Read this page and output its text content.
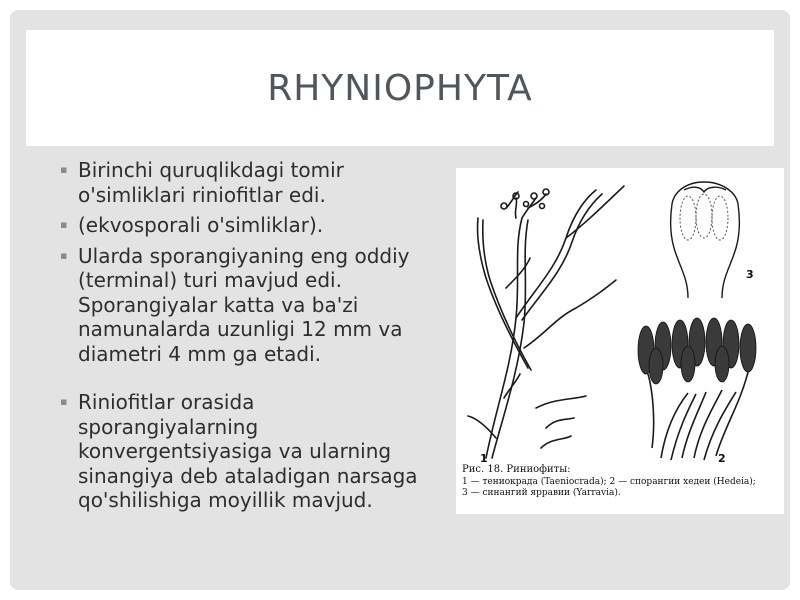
RHYNIOPHYTA
▪ Birinchi quruqlikdagi tomir o'simliklari riniofitlar edi.
▪ (ekvosporali o'simliklar).
▪ Ularda sporangiyaning eng oddiy (terminal) turi mavjud edi. Sporangiyalar katta va ba'zi namunalarda uzunligi 12 mm va diametri 4 mm ga etadi.
▪ Riniofitlar orasida sporangiyalarning konvergentsiyasiga va ularning sinangiya deb ataladigan narsaga qo'shilishiga moyillik mavjud.
1	2
3
Рис. 18. Риниофиты:
1 — тениокрада (Taeniocrada); 2 — спорангии хедеи (Hedeia);
3 — синангий ярравии (Yarravia).
